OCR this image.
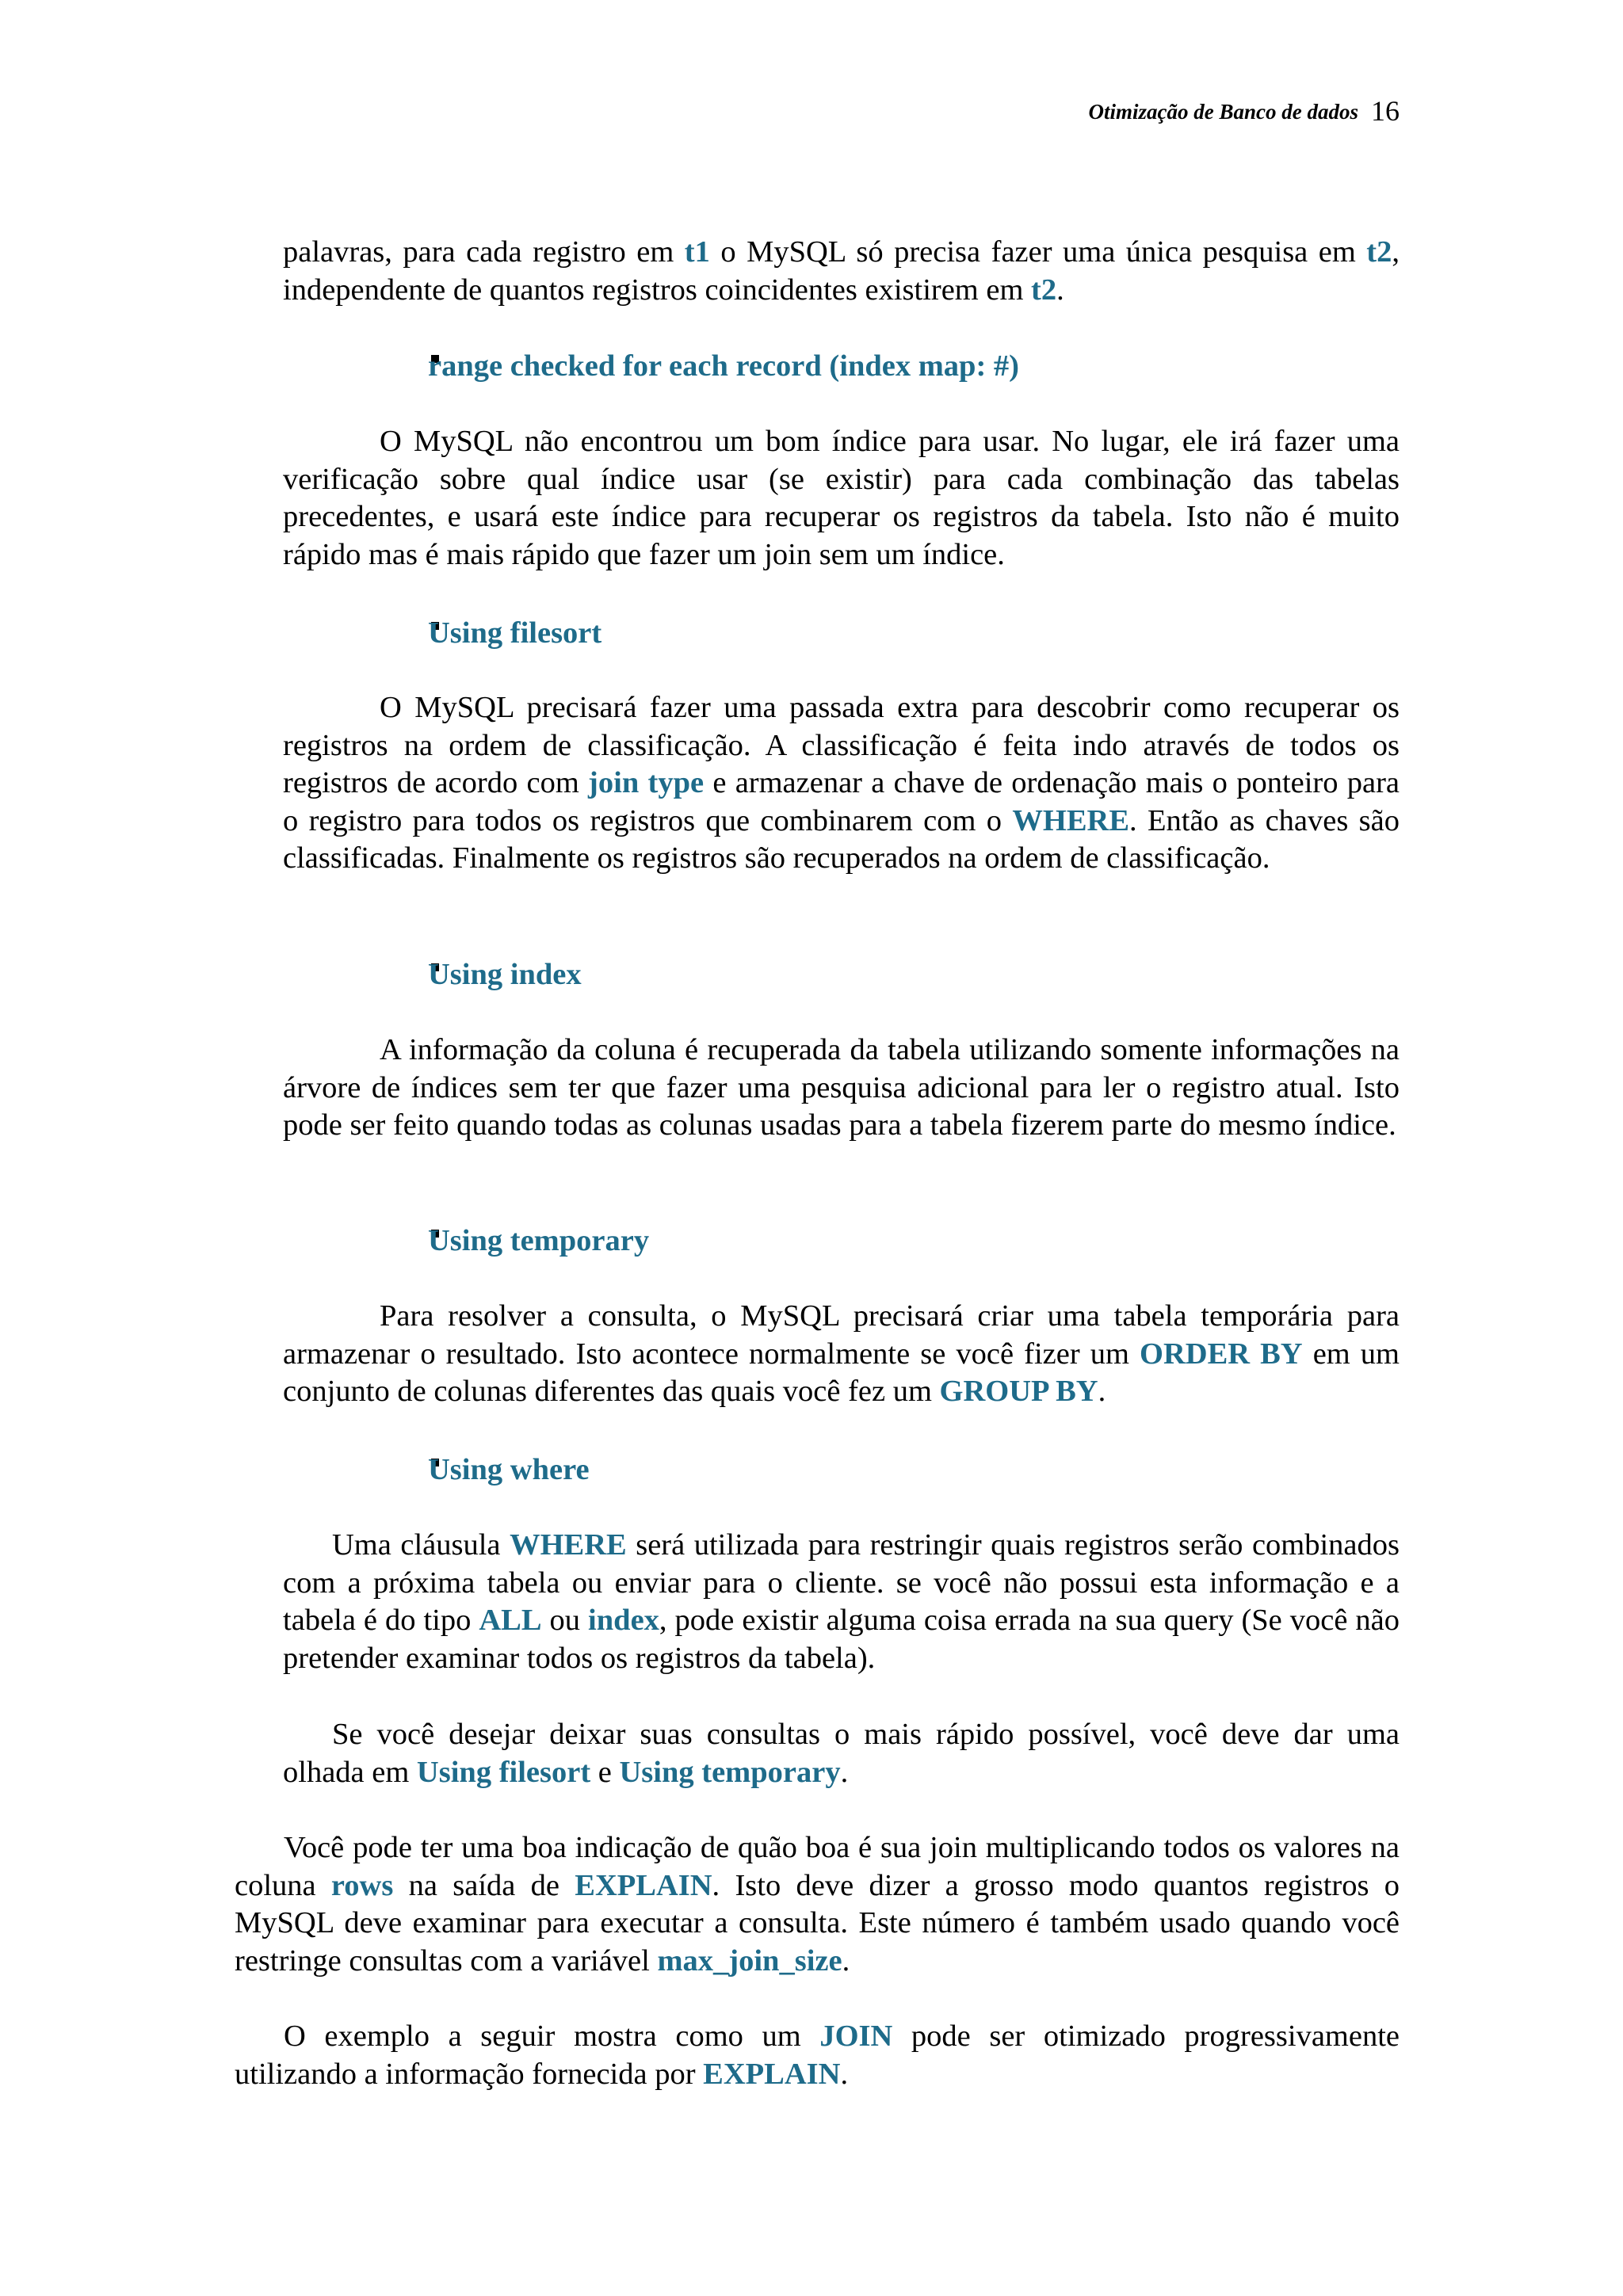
Otimização de Banco de dados 16

palavras, para cada registro em t1 o MySQL só precisa fazer uma única pesquisa em t2, independente de quantos registros coincidentes existirem em t2.

range checked for each record (index map: #)

O MySQL não encontrou um bom índice para usar. No lugar, ele irá fazer uma verificação sobre qual índice usar (se existir) para cada combinação das tabelas precedentes, e usará este índice para recuperar os registros da tabela. Isto não é muito rápido mas é mais rápido que fazer um join sem um índice.

Using filesort

O MySQL precisará fazer uma passada extra para descobrir como recuperar os registros na ordem de classificação. A classificação é feita indo através de todos os registros de acordo com join type e armazenar a chave de ordenação mais o ponteiro para o registro para todos os registros que combinarem com o WHERE. Então as chaves são classificadas. Finalmente os registros são recuperados na ordem de classificação.

Using index

A informação da coluna é recuperada da tabela utilizando somente informações na árvore de índices sem ter que fazer uma pesquisa adicional para ler o registro atual. Isto pode ser feito quando todas as colunas usadas para a tabela fizerem parte do mesmo índice.

Using temporary

Para resolver a consulta, o MySQL precisará criar uma tabela temporária para armazenar o resultado. Isto acontece normalmente se você fizer um ORDER BY em um conjunto de colunas diferentes das quais você fez um GROUP BY.

Using where

Uma cláusula WHERE será utilizada para restringir quais registros serão combinados com a próxima tabela ou enviar para o cliente. se você não possui esta informação e a tabela é do tipo ALL ou index, pode existir alguma coisa errada na sua query (Se você não pretender examinar todos os registros da tabela).

Se você desejar deixar suas consultas o mais rápido possível, você deve dar uma olhada em Using filesort e Using temporary.

Você pode ter uma boa indicação de quão boa é sua join multiplicando todos os valores na coluna rows na saída de EXPLAIN. Isto deve dizer a grosso modo quantos registros o MySQL deve examinar para executar a consulta. Este número é também usado quando você restringe consultas com a variável max_join_size.

O exemplo a seguir mostra como um JOIN pode ser otimizado progressivamente utilizando a informação fornecida por EXPLAIN.
